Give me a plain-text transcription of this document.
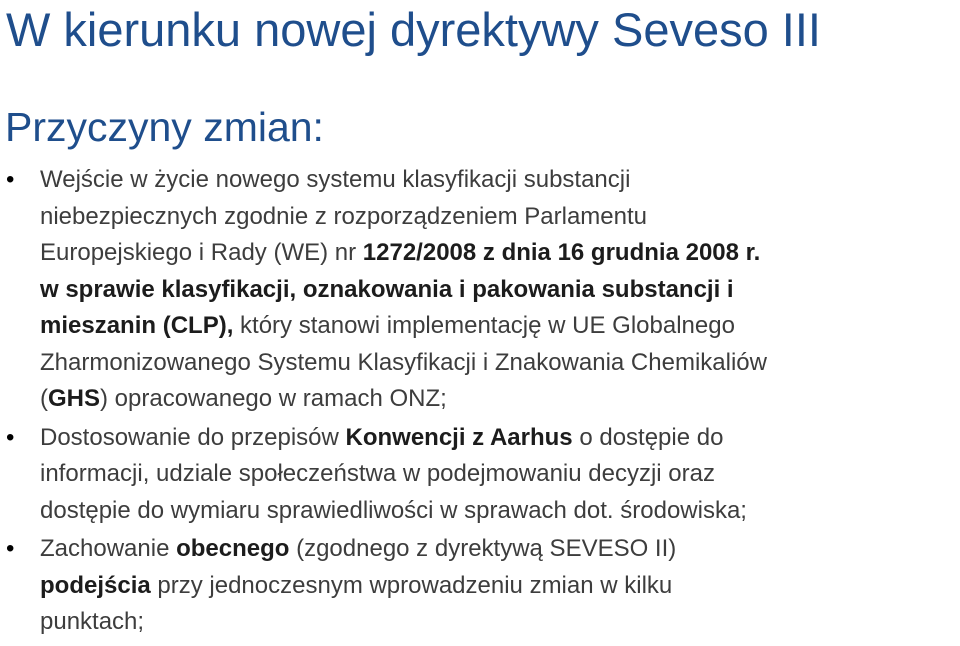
W kierunku nowej dyrektywy Seveso III
Przyczyny zmian:
• Wejście w życie nowego systemu klasyfikacji substancji
niebezpiecznych zgodnie z rozporządzeniem Parlamentu
Europejskiego i Rady (WE) nr 1272/2008 z dnia 16 grudnia 2008 r.
w sprawie klasyfikacji, oznakowania i pakowania substancji i
mieszanin (CLP), który stanowi implementację w UE Globalnego
Zharmonizowanego Systemu Klasyfikacji i Znakowania Chemikaliów
(GHS) opracowanego w ramach ONZ;
• Dostosowanie do przepisów Konwencji z Aarhus o dostępie do
informacji, udziale społeczeństwa w podejmowaniu decyzji oraz
dostępie do wymiaru sprawiedliwości w sprawach dot. środowiska;
• Zachowanie obecnego (zgodnego z dyrektywą SEVESO II)
podejścia przy jednoczesnym wprowadzeniu zmian w kilku
punktach;
